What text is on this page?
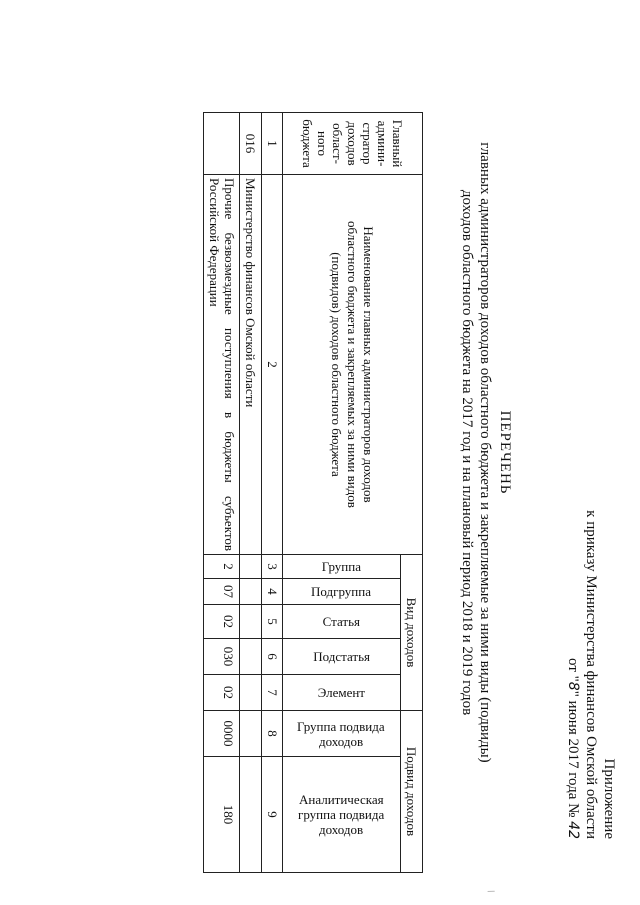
Приложение
к приказу Министерства финансов Омской области
от "8" июня 2017 года № 42
ПЕРЕЧЕНЬ
главных администраторов доходов областного бюджета и закрепляемые за ними виды (подвиды)
доходов областного бюджета на 2017 год и на плановый период 2018 и 2019 годов
Главный админи-стратор доходов област-ного бюджета	Наименование главных администраторов доходов областного бюджета и закрепляемых за ними видов (подвидов) доходов областного бюджета	Вид доходов					Подвид доходов	

		Группа	Подгруппа	Статья	Подстатья	Элемент	Группа подвида доходов	Аналитическая группа подвида доходов

1	2	3	4	5	6	7	8	9
016	Министерство финансов Омской области							
	Прочие безвозмездные поступления в бюджеты субъектов Российской Федерации	2	07	02	030	02	0000	180
/
